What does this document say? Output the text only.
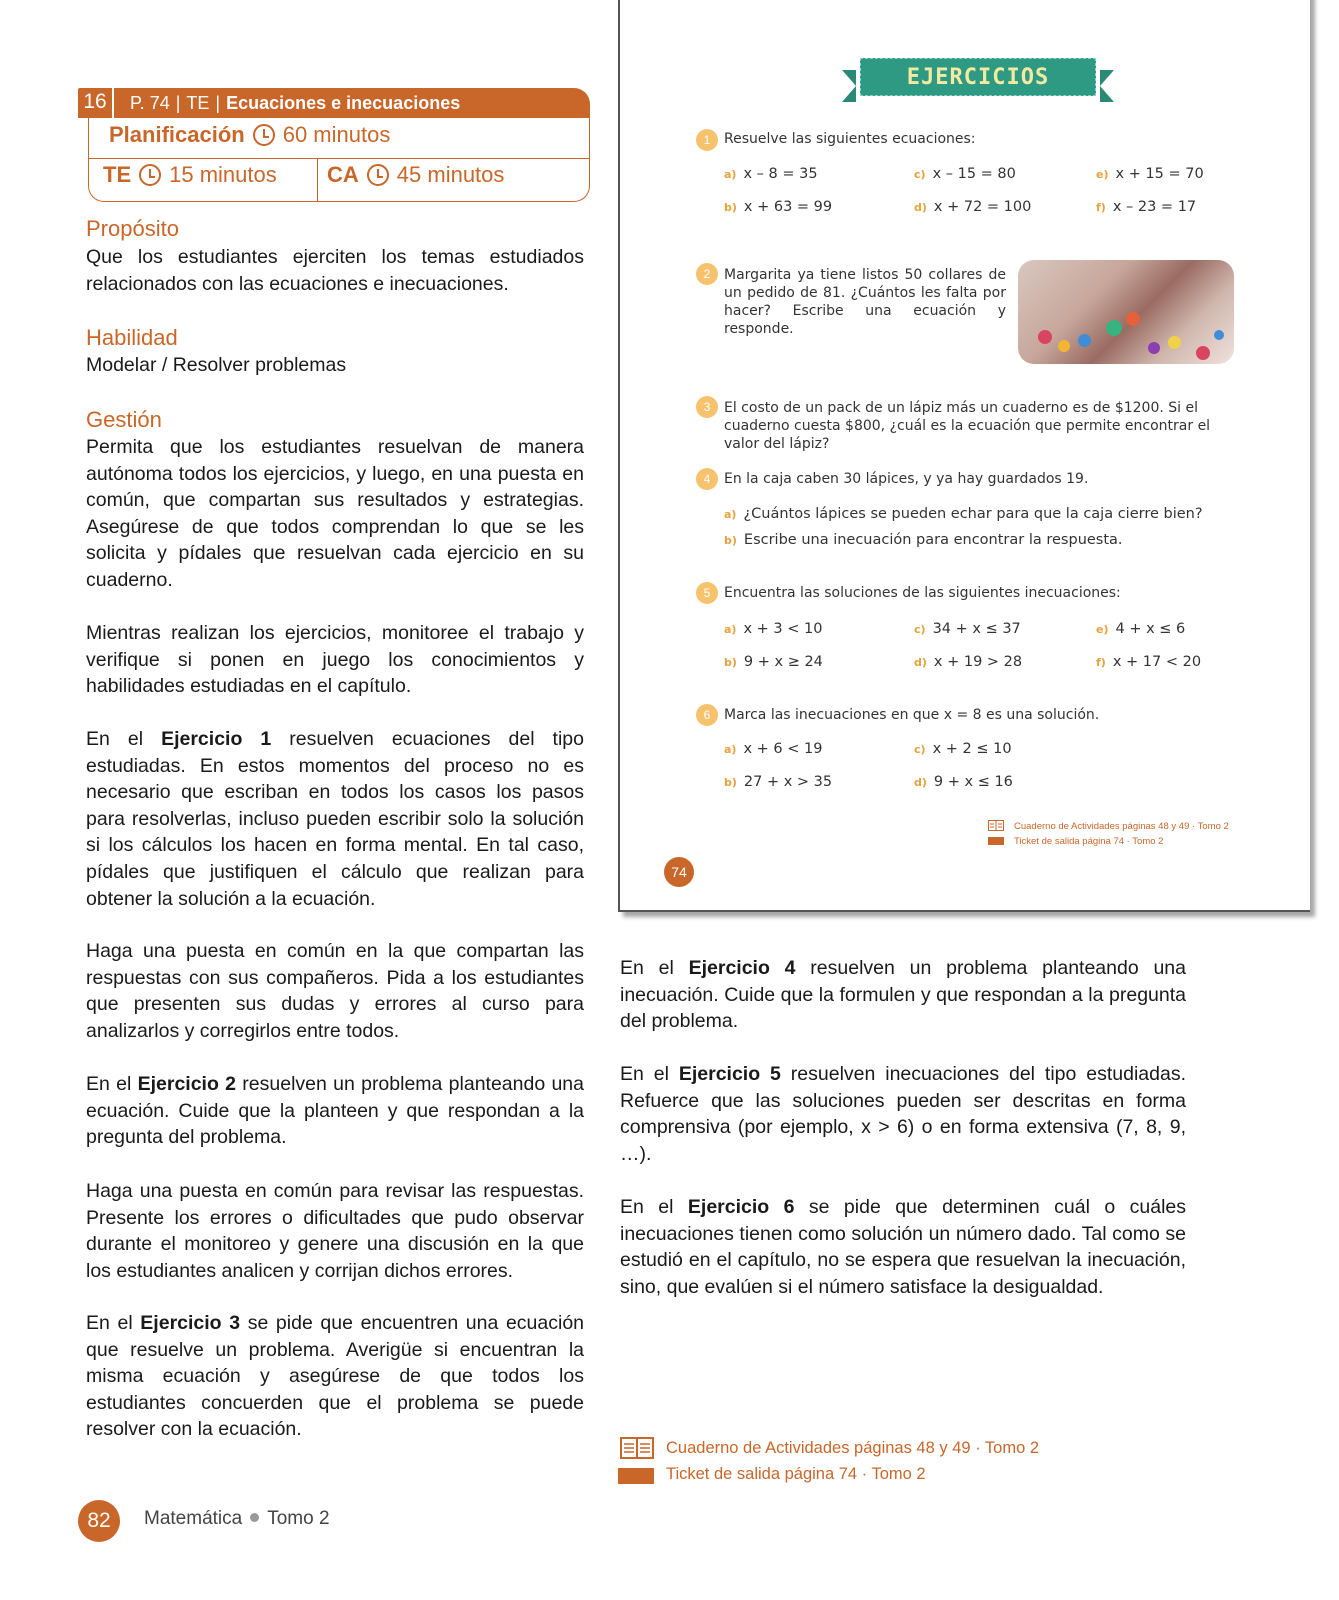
16	P. 74 | TE | Ecuaciones e inecuaciones
Planificación 60 minutos
TE 15 minutos CA 45 minutos
Propósito
Que los estudiantes ejerciten los temas estudiados relacionados con las ecuaciones e inecuaciones.
Habilidad
Modelar / Resolver problemas
Gestión
Permita que los estudiantes resuelvan de manera autónoma todos los ejercicios, y luego, en una puesta en común, que compartan sus resultados y estrategias. Asegúrese de que todos comprendan lo que se les solicita y pídales que resuelvan cada ejercicio en su cuaderno.
Mientras realizan los ejercicios, monitoree el trabajo y verifique si ponen en juego los conocimientos y habilidades estudiadas en el capítulo.
En el Ejercicio 1 resuelven ecuaciones del tipo estudiadas. En estos momentos del proceso no es necesario que escriban en todos los casos los pasos para resolverlas, incluso pueden escribir solo la solución si los cálculos los hacen en forma mental. En tal caso, pídales que justifiquen el cálculo que realizan para obtener la solución a la ecuación.
Haga una puesta en común en la que compartan las respuestas con sus compañeros. Pida a los estudiantes que presenten sus dudas y errores al curso para analizarlos y corregirlos entre todos.
En el Ejercicio 2 resuelven un problema planteando una ecuación. Cuide que la planteen y que respondan a la pregunta del problema.
Haga una puesta en común para revisar las respuestas. Presente los errores o dificultades que pudo observar durante el monitoreo y genere una discusión en la que los estudiantes analicen y corrijan dichos errores.
En el Ejercicio 3 se pide que encuentren una ecuación que resuelve un problema. Averigüe si encuentran la misma ecuación y asegúrese de que todos los estudiantes concuerden que el problema se puede resolver con la ecuación.
EJERCICIOS
1 Resuelve las siguientes ecuaciones:
a) x – 8 = 35
b) x + 63 = 99
c) x – 15 = 80
d) x + 72 = 100
e) x + 15 = 70
f) x – 23 = 17
2 Margarita ya tiene listos 50 collares de un pedido de 81. ¿Cuántos les falta por hacer? Escribe una ecuación y responde.
3 El costo de un pack de un lápiz más un cuaderno es de $1200. Si el cuaderno cuesta $800, ¿cuál es la ecuación que permite encontrar el valor del lápiz?
4 En la caja caben 30 lápices, y ya hay guardados 19.
a) ¿Cuántos lápices se pueden echar para que la caja cierre bien?
b) Escribe una inecuación para encontrar la respuesta.
5 Encuentra las soluciones de las siguientes inecuaciones:
a) x + 3 < 10
b) 9 + x ≥ 24
c) 34 + x ≤ 37
d) x + 19 > 28
e) 4 + x ≤ 6
f) x + 17 < 20
6 Marca las inecuaciones en que x = 8 es una solución.
a) x + 6 < 19
b) 27 + x > 35
c) x + 2 ≤ 10
d) 9 + x ≤ 16
Cuaderno de Actividades páginas 48 y 49 · Tomo 2
Ticket de salida página 74 · Tomo 2
74
En el Ejercicio 4 resuelven un problema planteando una inecuación. Cuide que la formulen y que respondan a la pregunta del problema.
En el Ejercicio 5 resuelven inecuaciones del tipo estudiadas. Refuerce que las soluciones pueden ser descritas en forma comprensiva (por ejemplo, x > 6) o en forma extensiva (7, 8, 9, …).
En el Ejercicio 6 se pide que determinen cuál o cuáles inecuaciones tienen como solución un número dado. Tal como se estudió en el capítulo, no se espera que resuelvan la inecuación, sino, que evalúen si el número satisface la desigualdad.
Cuaderno de Actividades páginas 48 y 49 · Tomo 2
Ticket de salida página 74 · Tomo 2
82	Matemática Tomo 2
